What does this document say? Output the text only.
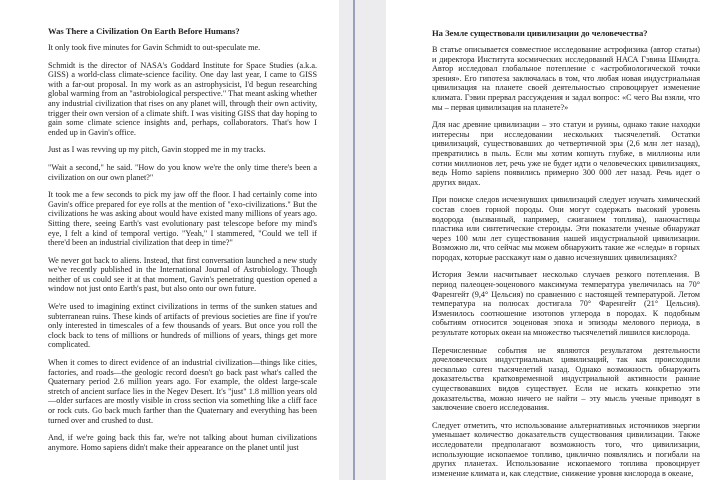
Was There a Civilization On Earth Before Humans?

It only took five minutes for Gavin Schmidt to out-speculate me.

Schmidt is the director of NASA's Goddard Institute for Space Studies (a.k.a. GISS) a world-class climate-science facility. One day last year, I came to GISS with a far-out proposal. In my work as an astrophysicist, I'd begun researching global warming from an "astrobiological perspective." That meant asking whether any industrial civilization that rises on any planet will, through their own activity, trigger their own version of a climate shift. I was visiting GISS that day hoping to gain some climate science insights and, perhaps, collaborators. That's how I ended up in Gavin's office.

Just as I was revving up my pitch, Gavin stopped me in my tracks.

"Wait a second," he said. "How do you know we're the only time there's been a civilization on our own planet?"

It took me a few seconds to pick my jaw off the floor. I had certainly come into Gavin's office prepared for eye rolls at the mention of "exo-civilizations." But the civilizations he was asking about would have existed many millions of years ago. Sitting there, seeing Earth's vast evolutionary past telescope before my mind's eye, I felt a kind of temporal vertigo. "Yeah," I stammered, "Could we tell if there'd been an industrial civilization that deep in time?"

We never got back to aliens. Instead, that first conversation launched a new study we've recently published in the International Journal of Astrobiology. Though neither of us could see it at that moment, Gavin's penetrating question opened a window not just onto Earth's past, but also onto our own future.

We're used to imagining extinct civilizations in terms of the sunken statues and subterranean ruins. These kinds of artifacts of previous societies are fine if you're only interested in timescales of a few thousands of years. But once you roll the clock back to tens of millions or hundreds of millions of years, things get more complicated.

When it comes to direct evidence of an industrial civilization—things like cities, factories, and roads—the geologic record doesn't go back past what's called the Quaternary period 2.6 million years ago. For example, the oldest large-scale stretch of ancient surface lies in the Negev Desert. It's "just" 1.8 million years old—older surfaces are mostly visible in cross section via something like a cliff face or rock cuts. Go back much farther than the Quaternary and everything has been turned over and crushed to dust.

And, if we're going back this far, we're not talking about human civilizations anymore. Homo sapiens didn't make their appearance on the planet until just

На Земле существовали цивилизации до человечества?

В статье описывается совместное исследование астрофизика (автор статьи) и директора Института космических исследований НАСА Гэвина Шмидта. Автор исследовал глобальное потепление с «астробиологической точки зрения». Его гипотеза заключалась в том, что любая новая индустриальная цивилизация на планете своей деятельностью спровоцирует изменение климата. Гэвин прервал рассуждения и задал вопрос: «С чего Вы взяли, что мы – первая цивилизация на планете?»

Для нас древние цивилизации – это статуи и руины, однако такие находки интересны при исследовании нескольких тысячелетий. Остатки цивилизаций, существовавших до четвертичной эры (2,6 млн лет назад), превратились в пыль. Если мы хотим копнуть глубже, в миллионы или сотни миллионов лет, речь уже не будет идти о человеческих цивилизациях, ведь Homo sapiens появились примерно 300 000 лет назад. Речь идет о других видах.

При поиске следов исчезнувших цивилизаций следует изучать химический состав слоев горной породы. Они могут содержать высокий уровень водорода (вызванный, например, сжиганием топлива), наночастицы пластика или синтетические стероиды. Эти показатели ученые обнаружат через 100 млн лет существования нашей индустриальной цивилизации. Возможно ли, что сейчас мы можем обнаружить такие же «следы» в горных породах, которые расскажут нам о давно исчезнувших цивилизациях?

История Земли насчитывает несколько случаев резкого потепления. В период палеоцен-эоценового максимума температура увеличилась на 70° Фаренгейт (9,4° Цельсия) по сравнению с настоящей температурой. Летом температура на полюсах достигала 70° Фаренгейт (21° Цельсия). Изменилось соотношение изотопов углерода в породах. К подобным событиям относится эоценовая эпоха и эпизоды мелового периода, в результате которых океан на множество тысячелетий лишился кислорода.

Перечисленные события не являются результатом деятельности дочеловеческих индустриальных цивилизаций, так как происходили несколько сотен тысячелетий назад. Однако возможность обнаружить доказательства кратковременной индустриальной активности ранние существовавших видов существует. Если не искать конкретно эти доказательства, можно ничего не найти – эту мысль ученые приводят в заключение своего исследования.

Следует отметить, что использование альтернативных источников энергии уменьшает количество доказательств существования цивилизации. Также исследователи предполагают возможность того, что цивилизации, использующие ископаемое топливо, циклично появлялись и погибали на других планетах. Использование ископаемого топлива провоцирует изменение климата и, как следствие, снижение уровня кислорода в океане,
